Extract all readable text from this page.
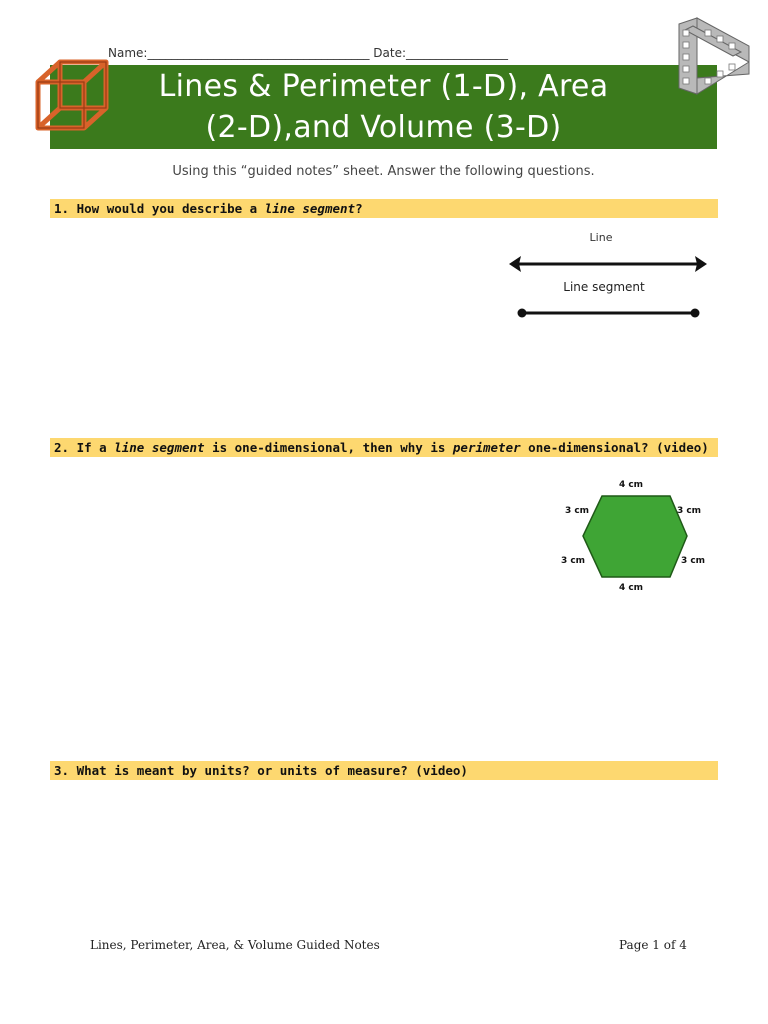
Name:_____________________________________ Date:_________________
Lines & Perimeter (1-D), Area
(2-D),and Volume (3-D)
Using this “guided notes” sheet. Answer the following questions.
1. How would you describe a line segment?
Line
Line segment
2. If a line segment is one-dimensional, then why is perimeter one-dimensional? (video)
4 cm
3 cm	3 cm
3 cm	3 cm
4 cm
3. What is meant by units? or units of measure? (video)
Lines, Perimeter, Area, & Volume Guided Notes	Page 1 of 4
